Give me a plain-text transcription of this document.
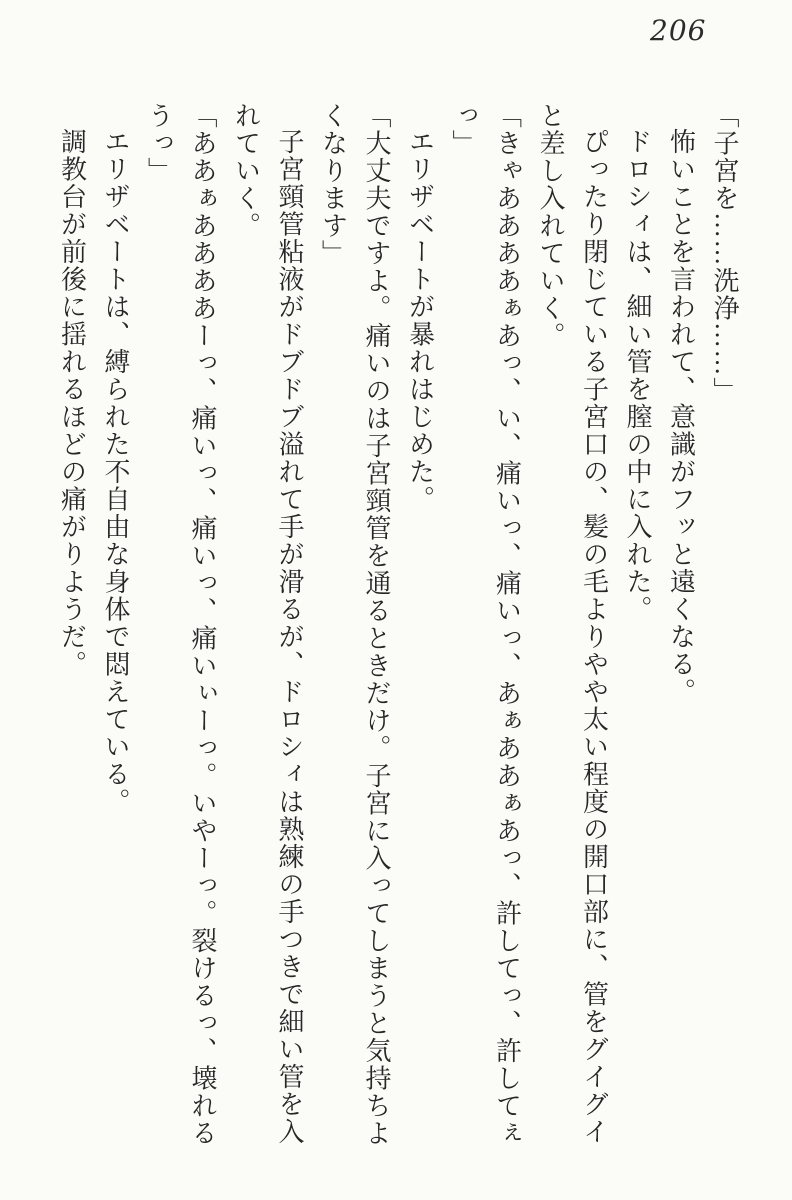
206

「子宮を……洗浄……」

怖いことを言われて、意識がフッと遠くなる。

ドロシィは、細い管を膣の中に入れた。

ぴったり閉じている子宮口の、髪の毛よりやや太い程度の開口部に、管をグイグイと差し入れていく。

「きゃああああぁあっ、い、痛いっ、痛いっ、あぁああぁあっ、許してっ、許してぇっ」

エリザベートが暴れはじめた。

「大丈夫ですよ。痛いのは子宮頸管を通るときだけ。子宮に入ってしまうと気持ちよくなります」

子宮頸管粘液がドブドブ溢れて手が滑るが、ドロシィは熟練の手つきで細い管を入れていく。

「ああぁああああーっ、痛いっ、痛いっ、痛いぃーっ。いやーっ。裂けるっ、壊れるうっ」

エリザベートは、縛られた不自由な身体で悶えている。

調教台が前後に揺れるほどの痛がりようだ。
